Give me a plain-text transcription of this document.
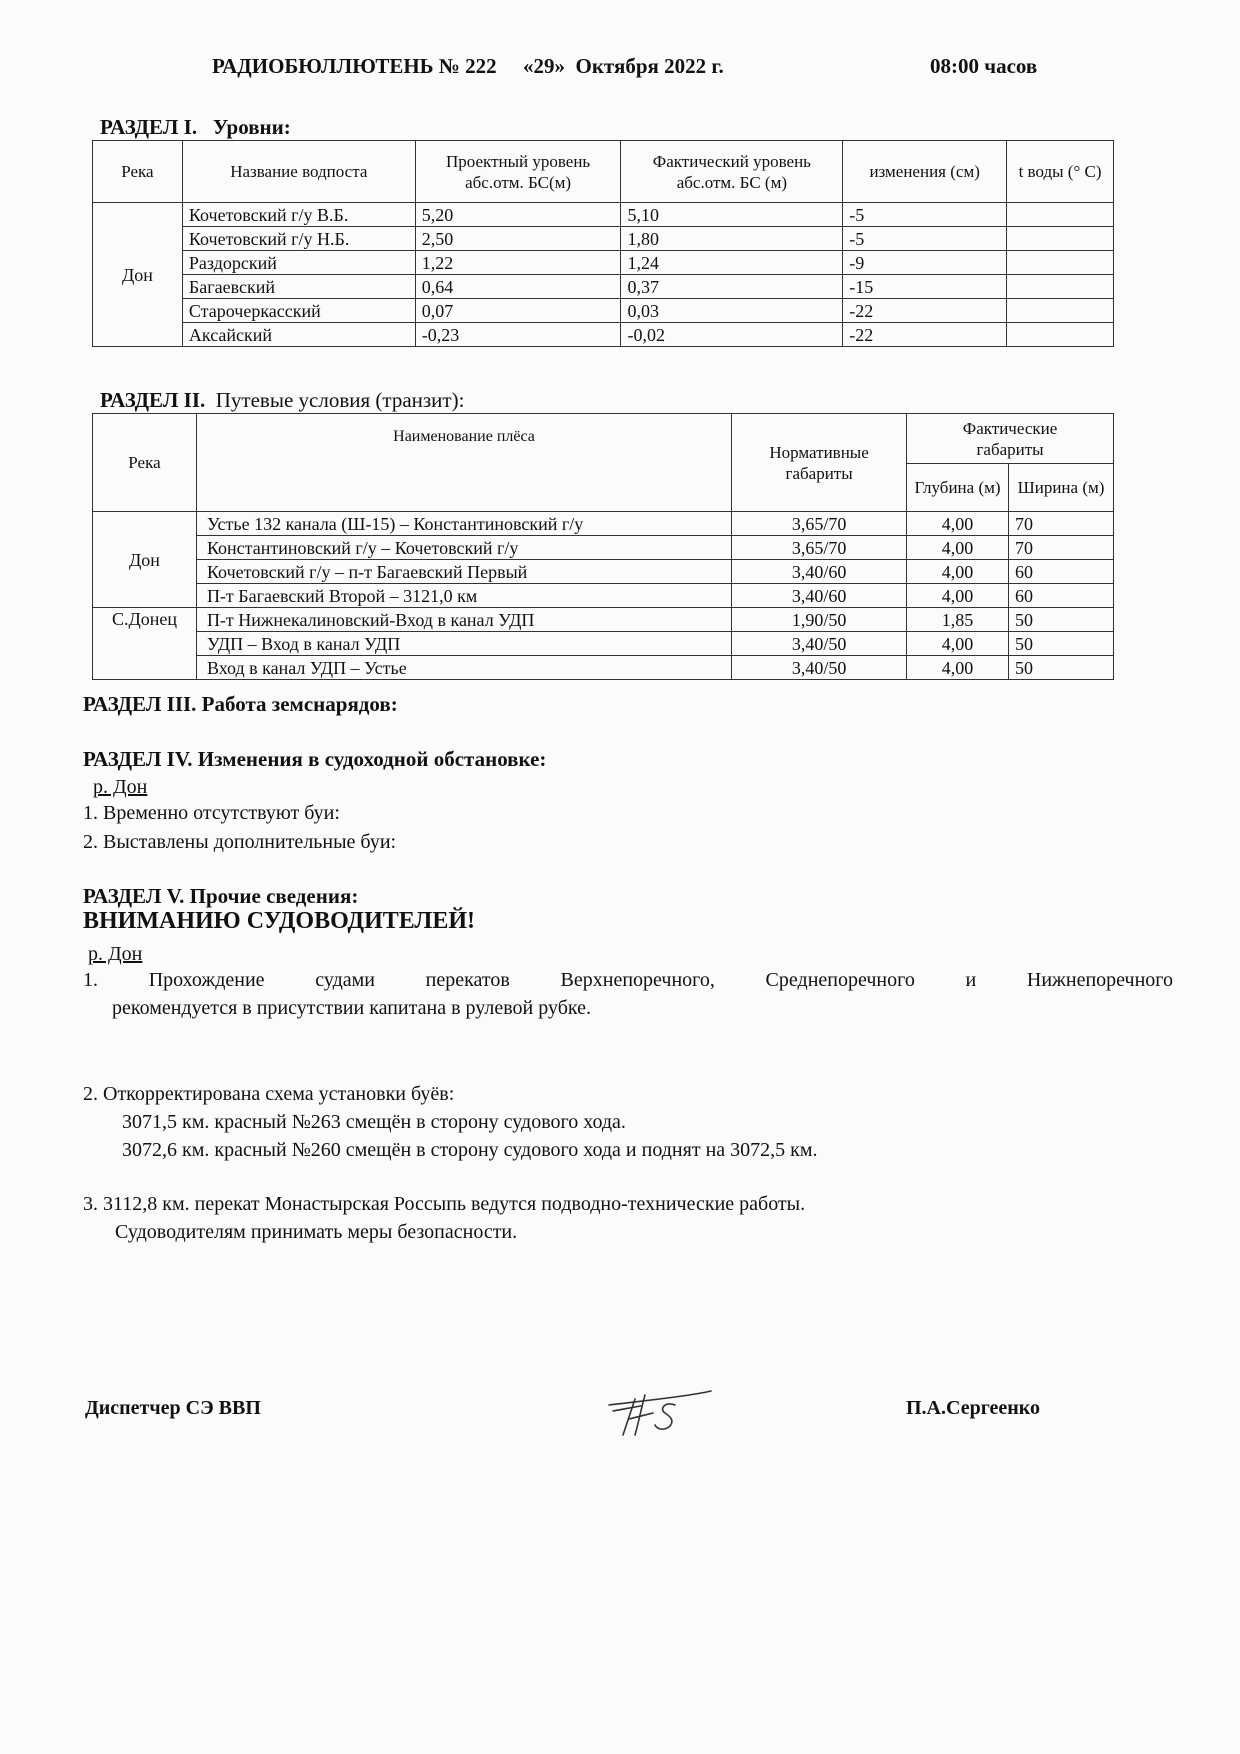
РАДИОБЮЛЛЮТЕНЬ № 222 «29»  Октября 2022 г.	08:00 часов
РАЗДЕЛ I. Уровни:
Река	Название водпоста	Проектный уровень абс.отм. БС(м)	Фактический уровень абс.отм. БС (м)	изменения (см)	t воды (° С)
Дон	Кочетовский г/у В.Б.	5,20	5,10	-5	
	Кочетовский г/у Н.Б.	2,50	1,80	-5	
	Раздорский	1,22	1,24	-9	
	Багаевский	0,64	0,37	-15	
	Старочеркасский	0,07	0,03	-22	
	Аксайский	-0,23	-0,02	-22	
РАЗДЕЛ II. Путевые условия (транзит):
Река	Наименование плёса	Нормативные габариты	Фактические габариты	
			Глубина (м)	Ширина (м)
Дон	Устье 132 канала (Ш-15) – Константиновский г/у	3,65/70	4,00	70
	Константиновский г/у – Кочетовский г/у	3,65/70	4,00	70
	Кочетовский г/у – п-т Багаевский Первый	3,40/60	4,00	60
	П-т Багаевский Второй – 3121,0 км	3,40/60	4,00	60
С.Донец	П-т Нижнекалиновский-Вход в канал УДП	1,90/50	1,85	50
	УДП – Вход в канал УДП	3,40/50	4,00	50
	Вход в канал УДП – Устье	3,40/50	4,00	50
РАЗДЕЛ III. Работа земснарядов:
РАЗДЕЛ IV. Изменения в судоходной обстановке:
р. Дон
1. Временно отсутствуют буи:
2. Выставлены дополнительные буи:
РАЗДЕЛ V. Прочие сведения:
ВНИМАНИЮ СУДОВОДИТЕЛЕЙ!
р. Дон
1. Прохождение судами перекатов Верхнепоречного, Среднепоречного и Нижнепоречного
рекомендуется в присутствии капитана в рулевой рубке.
2. Откорректирована схема установки буёв:
3071,5 км. красный №263 смещён в сторону судового хода.
3072,6 км. красный №260 смещён в сторону судового хода и поднят на 3072,5 км.
3. 3112,8 км. перекат Монастырская Россыпь ведутся подводно-технические работы.
Судоводителям принимать меры безопасности.
Диспетчер СЭ ВВП	П.А.Сергеенко
